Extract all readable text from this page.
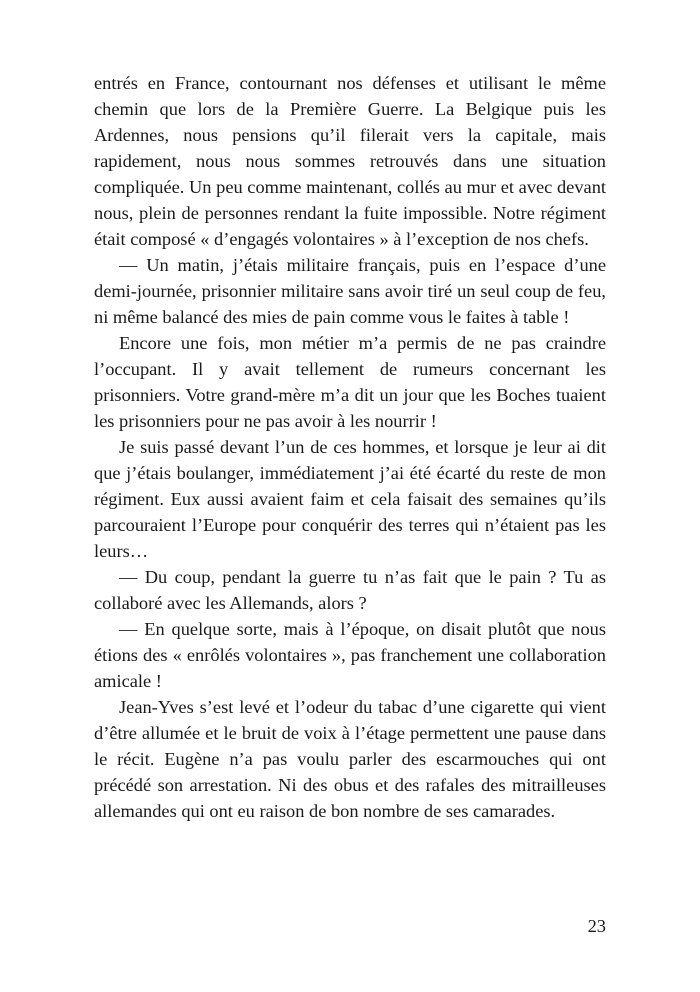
entrés en France, contournant nos défenses et utilisant le même chemin que lors de la Première Guerre. La Belgique puis les Ardennes, nous pensions qu’il filerait vers la capitale, mais rapidement, nous nous sommes retrouvés dans une situation compliquée. Un peu comme maintenant, collés au mur et avec devant nous, plein de personnes rendant la fuite impossible. Notre régiment était composé « d’engagés volontaires » à l’exception de nos chefs.

— Un matin, j’étais militaire français, puis en l’espace d’une demi-journée, prisonnier militaire sans avoir tiré un seul coup de feu, ni même balancé des mies de pain comme vous le faites à table !

Encore une fois, mon métier m’a permis de ne pas craindre l’occupant. Il y avait tellement de rumeurs concernant les prisonniers. Votre grand-mère m’a dit un jour que les Boches tuaient les prisonniers pour ne pas avoir à les nourrir !

Je suis passé devant l’un de ces hommes, et lorsque je leur ai dit que j’étais boulanger, immédiatement j’ai été écarté du reste de mon régiment. Eux aussi avaient faim et cela faisait des semaines qu’ils parcouraient l’Europe pour conquérir des terres qui n’étaient pas les leurs…

— Du coup, pendant la guerre tu n’as fait que le pain ? Tu as collaboré avec les Allemands, alors ?

— En quelque sorte, mais à l’époque, on disait plutôt que nous étions des « enrôlés volontaires », pas franchement une collaboration amicale !

Jean-Yves s’est levé et l’odeur du tabac d’une cigarette qui vient d’être allumée et le bruit de voix à l’étage permettent une pause dans le récit. Eugène n’a pas voulu parler des escarmouches qui ont précédé son arrestation. Ni des obus et des rafales des mitrailleuses allemandes qui ont eu raison de bon nombre de ses camarades.

23
